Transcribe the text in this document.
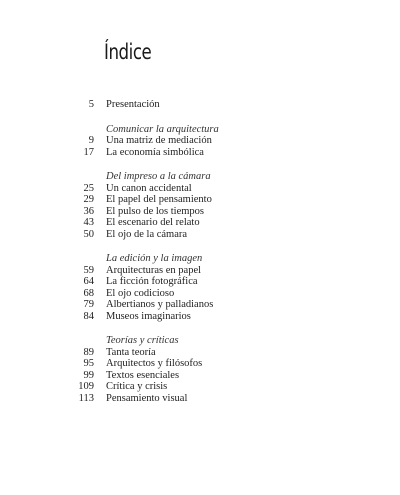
Índice
5 Presentación
Comunicar la arquitectura
9 Una matriz de mediación
17 La economía simbólica
Del impreso a la cámara
25 Un canon accidental
29 El papel del pensamiento
36 El pulso de los tiempos
43 El escenario del relato
50 El ojo de la cámara
La edición y la imagen
59 Arquitecturas en papel
64 La ficción fotográfica
68 El ojo codicioso
79 Albertianos y palladianos
84 Museos imaginarios
Teorías y críticas
89 Tanta teoría
95 Arquitectos y filósofos
99 Textos esenciales
109 Crítica y crisis
113 Pensamiento visual
